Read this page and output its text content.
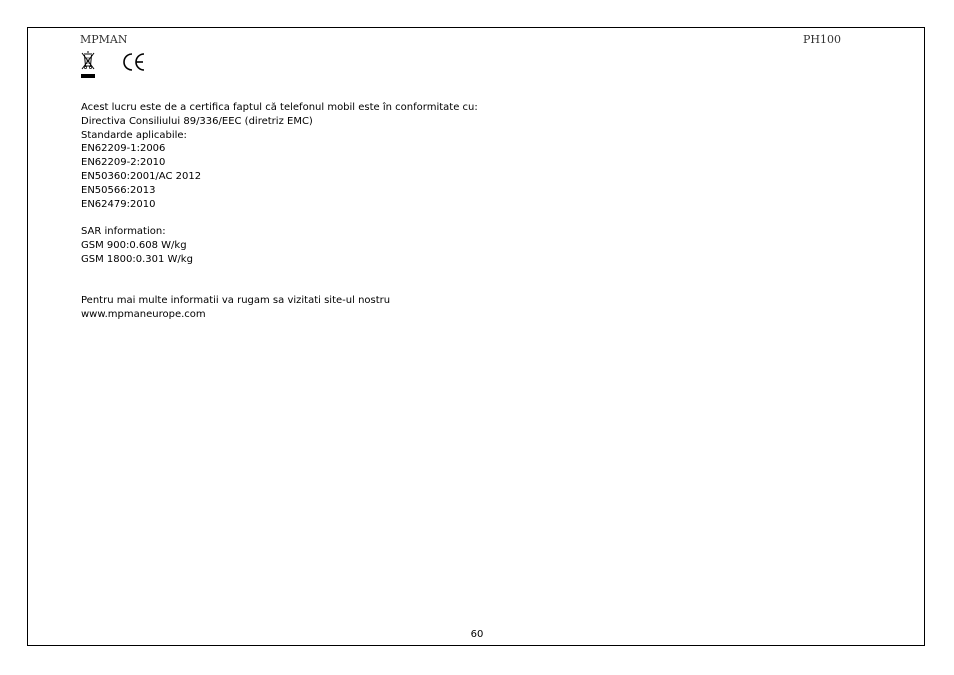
MPMAN	PH100
Acest lucru este de a certifica faptul că telefonul mobil este în conformitate cu:
Directiva Consiliului 89/336/EEC (diretriz EMC)
Standarde aplicabile:
EN62209-1:2006
EN62209-2:2010
EN50360:2001/AC 2012
EN50566:2013
EN62479:2010
SAR information:
GSM 900:0.608 W/kg
GSM 1800:0.301 W/kg
Pentru mai multe informatii va rugam sa vizitati site-ul nostru
www.mpmaneurope.com
60
